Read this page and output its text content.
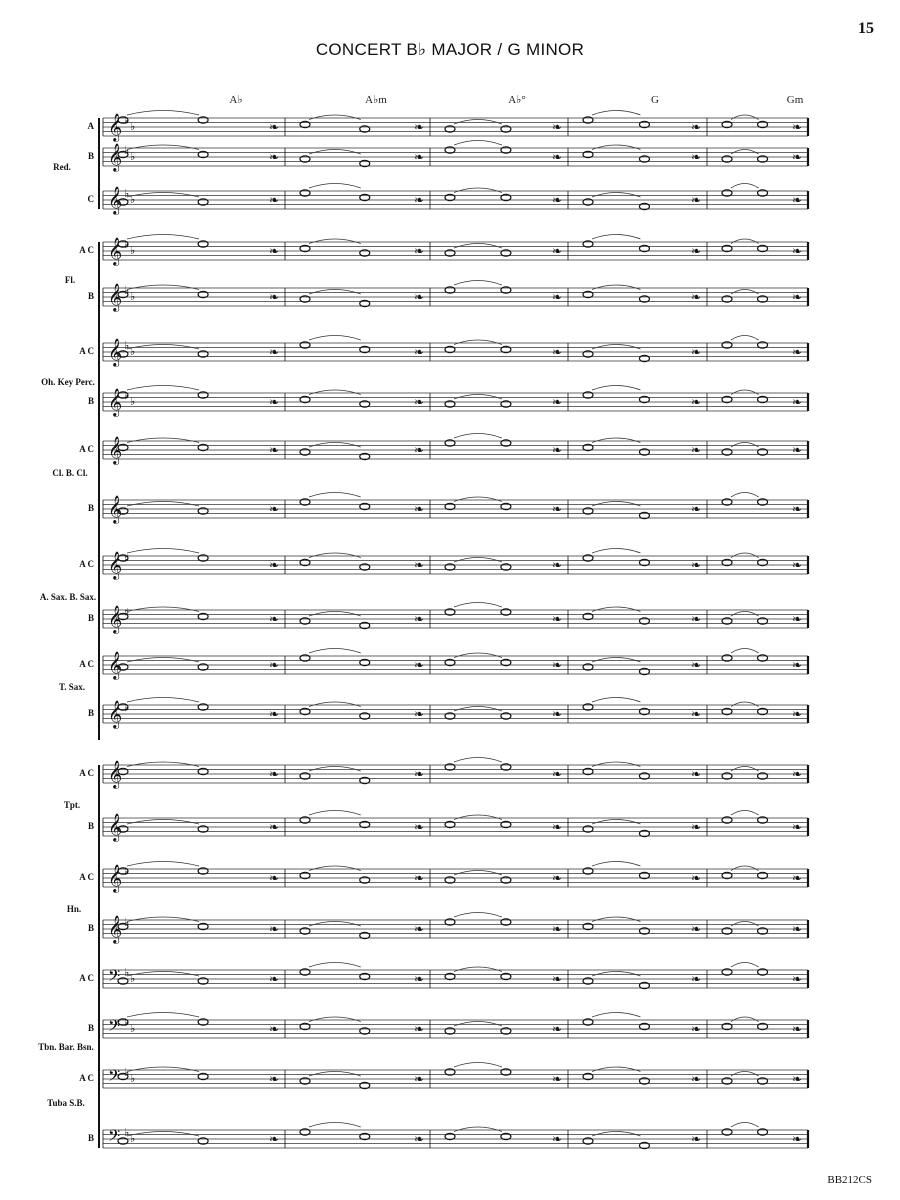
15
CONCERT B♭ MAJOR / G MINOR
A♭	A♭m	A♭°	G	Gm
𝄞 ♭ ♭	❧	❧	❧	❧	❧
𝄞 ♭ ♭	❧	❧	❧	❧	❧
𝄞 ♭ ♭	❧	❧	❧	❧	❧
𝄞 ♭ ♭	❧	❧	❧	❧	❧
𝄞 ♭ ♭	❧	❧	❧	❧	❧
𝄞 ♭ ♭	❧	❧	❧	❧	❧
𝄞 ♭ ♭	❧	❧	❧	❧	❧
𝄞	❧	❧	❧	❧	❧
𝄞	❧	❧	❧	❧	❧
𝄞 ♯	❧	❧	❧	❧	❧
𝄞 ♯	❧	❧	❧	❧	❧
𝄞	❧	❧	❧	❧	❧
𝄞 ♭	❧	❧	❧	❧	❧
𝄞	❧	❧	❧	❧	❧
𝄞	❧	❧	❧	❧	❧
𝄞 ♭	❧	❧	❧	❧	❧
𝄞 ♭	❧	❧	❧	❧	❧
𝄢 ♭ ♭	❧	❧	❧	❧	❧
𝄢 ♭ ♭	❧	❧	❧	❧	❧
𝄢 ♭ ♭	❧	❧	❧	❧	❧
𝄢 ♭ ♭	❧	❧	❧	❧	❧
A
B
C
A C
B
A C
B
A C
B
A C
B
A C
B
A C
B
A C
B
A C
B
A C
B
Red.
Fl.
Oh. Key Perc.
Cl. B. Cl.
A. Sax. B. Sax.
T. Sax.
Tpt.
Hn.
Tbn. Bar. Bsn.
Tuba S.B.
BB212CS
